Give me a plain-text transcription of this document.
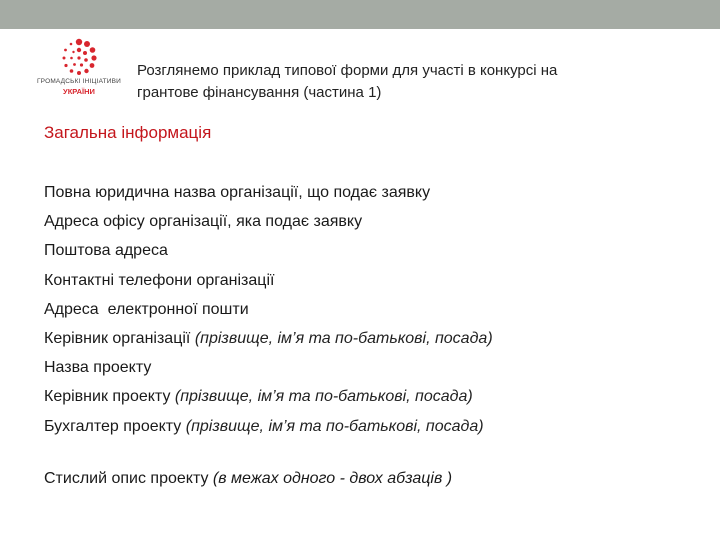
ГРОМАДСЬКІ ІНІЦІАТИВИ
УКРАЇНИ
Розглянемо приклад типової форми для участі в конкурсі на
грантове фінансування (частина 1)
Загальна інформація
Повна юридична назва організації, що подає заявку
Адреса офісу організації, яка подає заявку
Поштова адреса
Контактні телефони організації
Адреса  електронної пошти
Керівник організації (прізвище, ім’я та по-батькові, посада)
Назва проекту
Керівник проекту (прізвище, ім’я та по-батькові, посада)
Бухгалтер проекту (прізвище, ім’я та по-батькові, посада)
Стислий опис проекту (в межах одного - двох абзаців )
